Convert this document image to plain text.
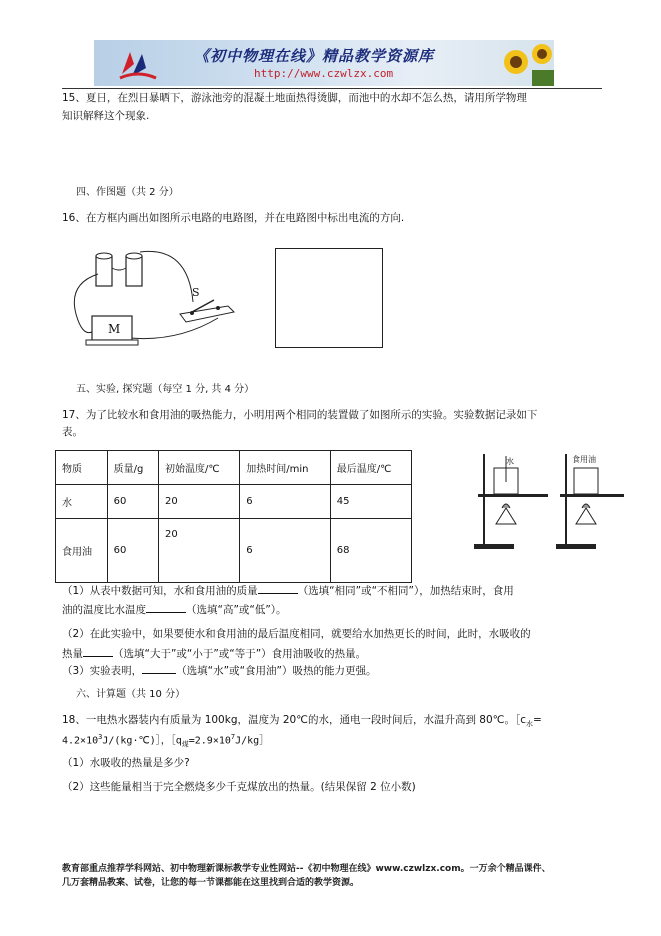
《初中物理在线》精品教学资源库
http://www.czwlzx.com
15、夏日，在烈日暴晒下，游泳池旁的混凝土地面热得烫脚，而池中的水却不怎么热，请用所学物理
知识解释这个现象.
四、作图题（共 2 分）
16、在方框内画出如图所示电路的电路图，并在电路图中标出电流的方向.
M
S
五、实验, 探究题（每空 1 分, 共 4 分）
17、为了比较水和食用油的吸热能力，小明用两个相同的装置做了如图所示的实验。实验数据记录如下
表。
物质	质量/g	初始温度/℃	加热时间/min	最后温度/℃
水	60	20	6	45
食用油	60	20	6	68
水	食用油
（1）从表中数据可知，水和食用油的质量	（选填“相同”或“不相同”），加热结束时，食用
油的温度比水温度	（选填“高”或“低”）。
（2）在此实验中，如果要使水和食用油的最后温度相同，就要给水加热更长的时间，此时，水吸收的
热量	（选填“大于”或“小于”或“等于”）食用油吸收的热量。
（3）实验表明，	（选填“水”或“食用油”）吸热的能力更强。
六、计算题（共 10 分）
18、一电热水器装内有质量为 100kg，温度为 20℃的水，通电一段时间后，水温升高到 80℃。$[c_水=$
$4.2\times 10^3J/(kg\cdot℃)]$，$[q_煤=2.9\times 10^7J/kg]$
（1）水吸收的热量是多少?
（2）这些能量相当于完全燃烧多少千克煤放出的热量。(结果保留 2 位小数)
教育部重点推荐学科网站、初中物理新课标教学专业性网站--《初中物理在线》www.czwlzx.com。一万余个精品课件、
几万套精品教案、试卷，让您的每一节课都能在这里找到合适的教学资源。
